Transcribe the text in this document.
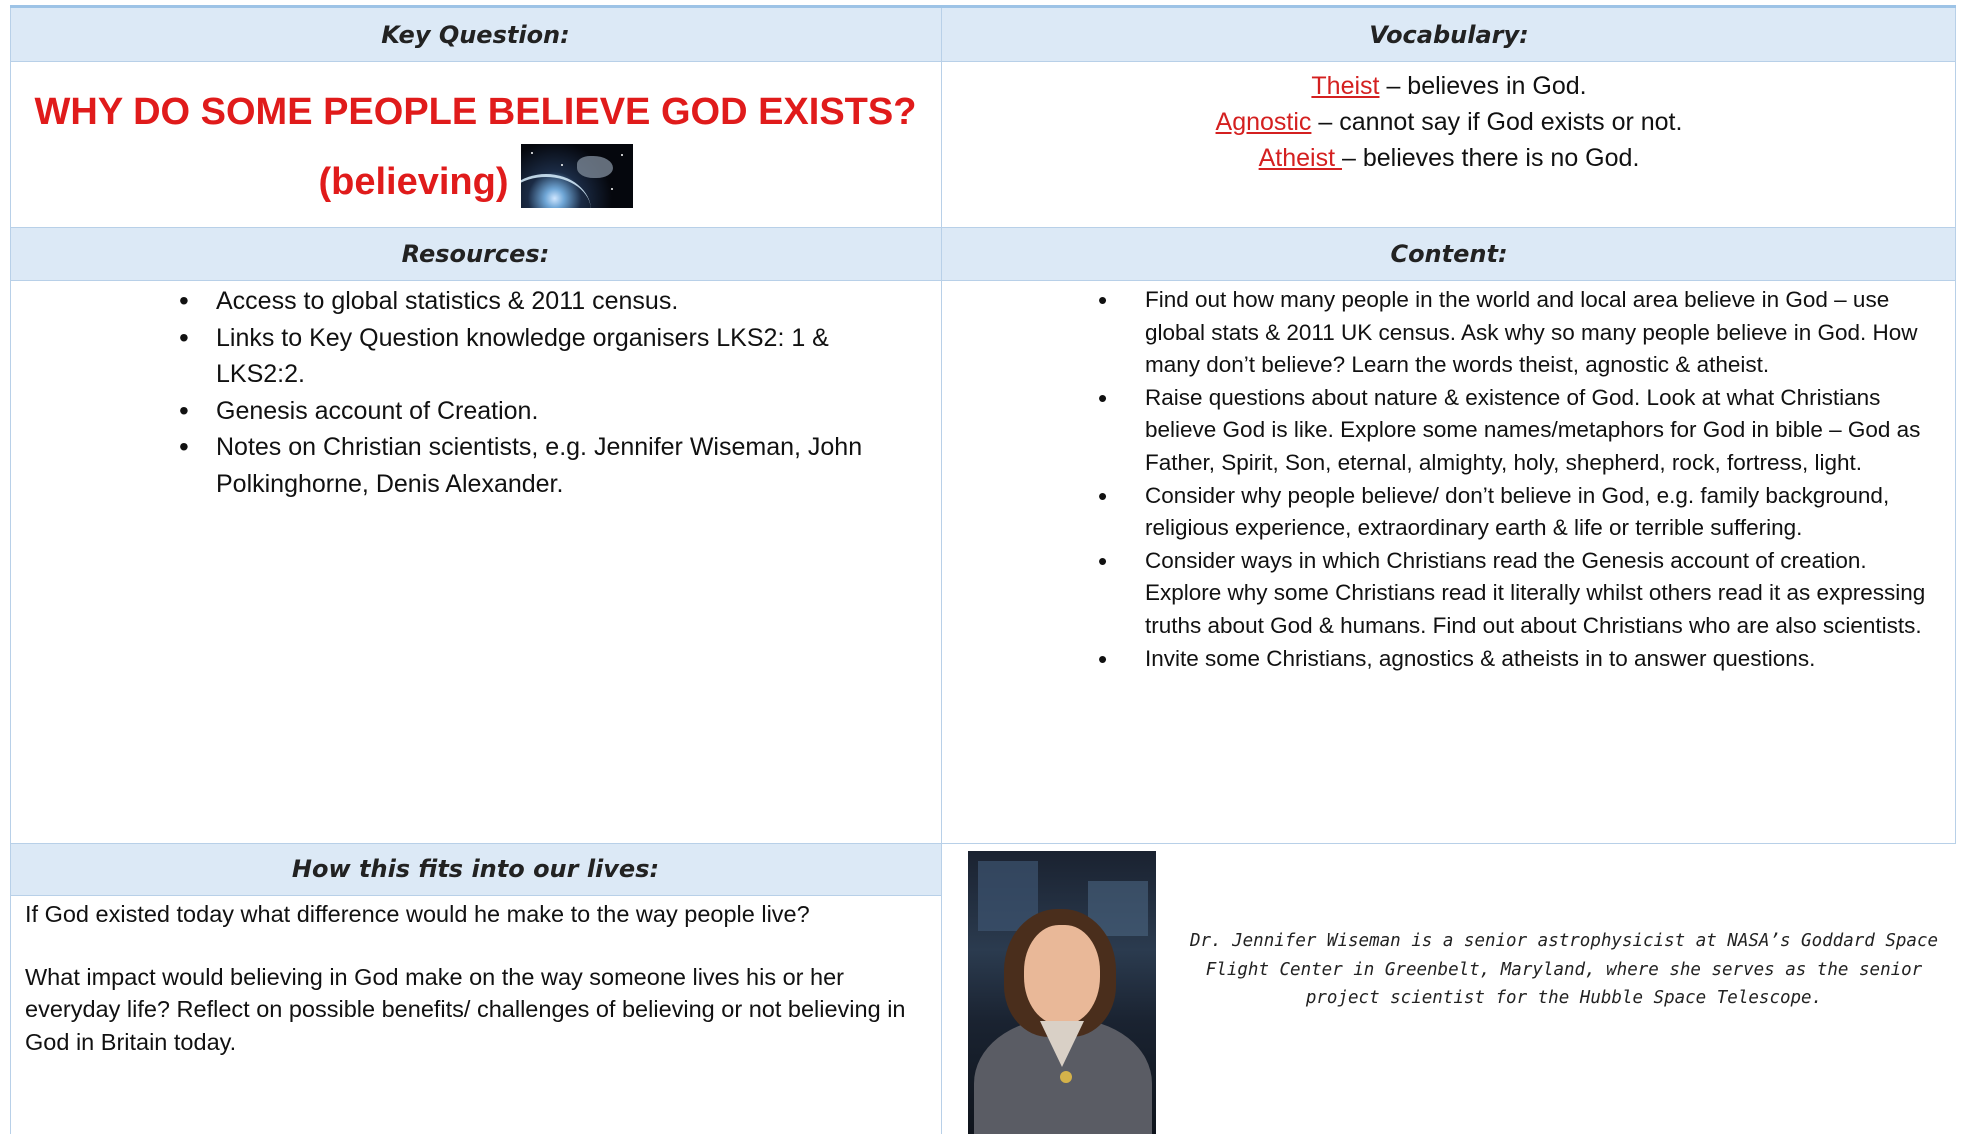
Key Question:	Vocabulary:
WHY DO SOME PEOPLE BELIEVE GOD EXISTS?
(believing)
Theist – believes in God.
Agnostic – cannot say if God exists or not.
Atheist – believes there is no God.
Resources:	Content:
• Access to global statistics & 2011 census.
• Links to Key Question knowledge organisers LKS2: 1 & LKS2:2.
• Genesis account of Creation.
• Notes on Christian scientists, e.g. Jennifer Wiseman, John Polkinghorne, Denis Alexander.
• Find out how many people in the world and local area believe in God – use global stats & 2011 UK census. Ask why so many people believe in God. How many don’t believe? Learn the words theist, agnostic & atheist.
• Raise questions about nature & existence of God. Look at what Christians believe God is like. Explore some names/metaphors for God in bible – God as Father, Spirit, Son, eternal, almighty, holy, shepherd, rock, fortress, light.
• Consider why people believe/ don’t believe in God, e.g. family background, religious experience, extraordinary earth & life or terrible suffering.
• Consider ways in which Christians read the Genesis account of creation. Explore why some Christians read it literally whilst others read it as expressing truths about God & humans. Find out about Christians who are also scientists.
• Invite some Christians, agnostics & atheists in to answer questions.
How this fits into our lives:

If God existed today what difference would he make to the way people live?

What impact would believing in God make on the way someone lives his or her everyday life? Reflect on possible benefits/ challenges of believing or not believing in God in Britain today.

Dr. Jennifer Wiseman is a senior astrophysicist at NASA’s Goddard Space Flight Center in Greenbelt, Maryland, where she serves as the senior project scientist for the Hubble Space Telescope.
